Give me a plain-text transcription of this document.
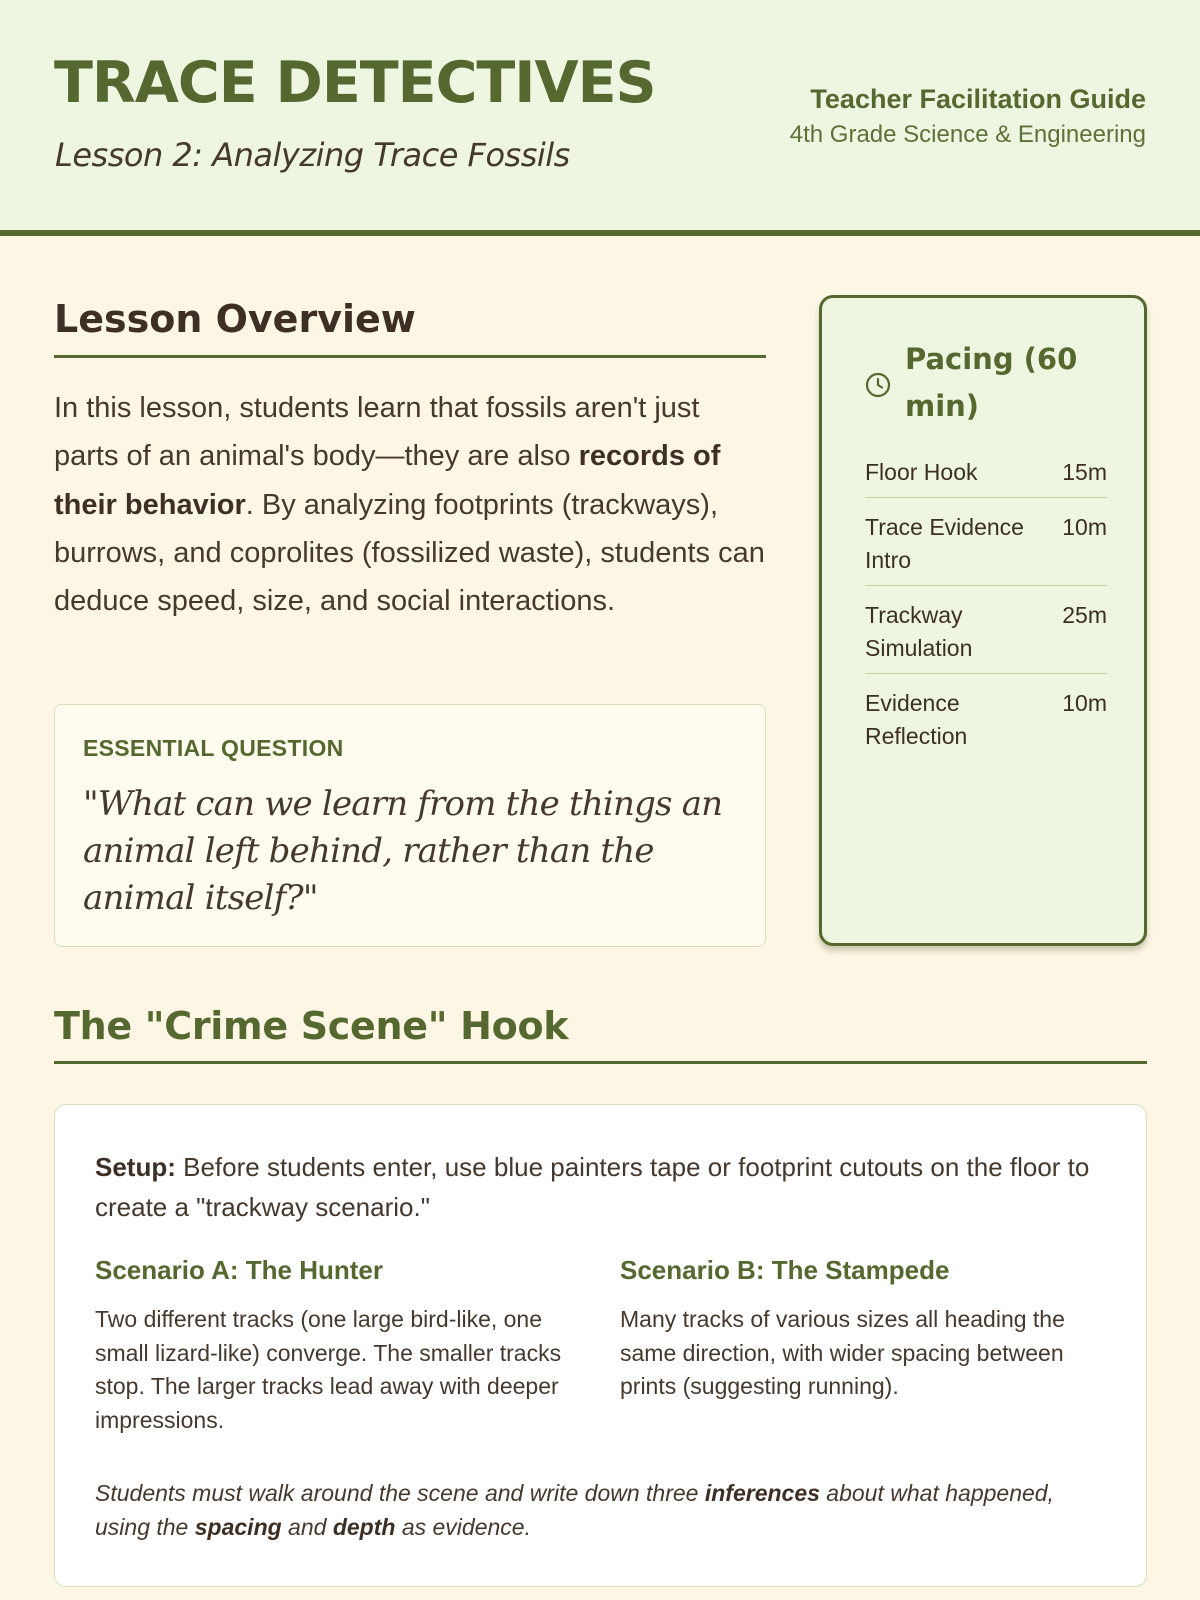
TRACE DETECTIVES
Lesson 2: Analyzing Trace Fossils
Teacher Facilitation Guide
4th Grade Science & Engineering
Lesson Overview
In this lesson, students learn that fossils aren't just parts of an animal's body—they are also records of their behavior. By analyzing footprints (trackways), burrows, and coprolites (fossilized waste), students can deduce speed, size, and social interactions.
ESSENTIAL QUESTION
"What can we learn from the things an animal left behind, rather than the animal itself?"
Pacing (60 min)
Floor Hook	15m
Trace Evidence Intro
10m
Trackway Simulation
25m
Evidence Reflection
10m
The "Crime Scene" Hook
Setup: Before students enter, use blue painters tape or footprint cutouts on the floor to create a "trackway scenario."
Scenario A: The Hunter
Two different tracks (one large bird-like, one small lizard-like) converge. The smaller tracks stop. The larger tracks lead away with deeper impressions.
Scenario B: The Stampede
Many tracks of various sizes all heading the same direction, with wider spacing between prints (suggesting running).
Students must walk around the scene and write down three inferences about what happened, using the spacing and depth as evidence.
